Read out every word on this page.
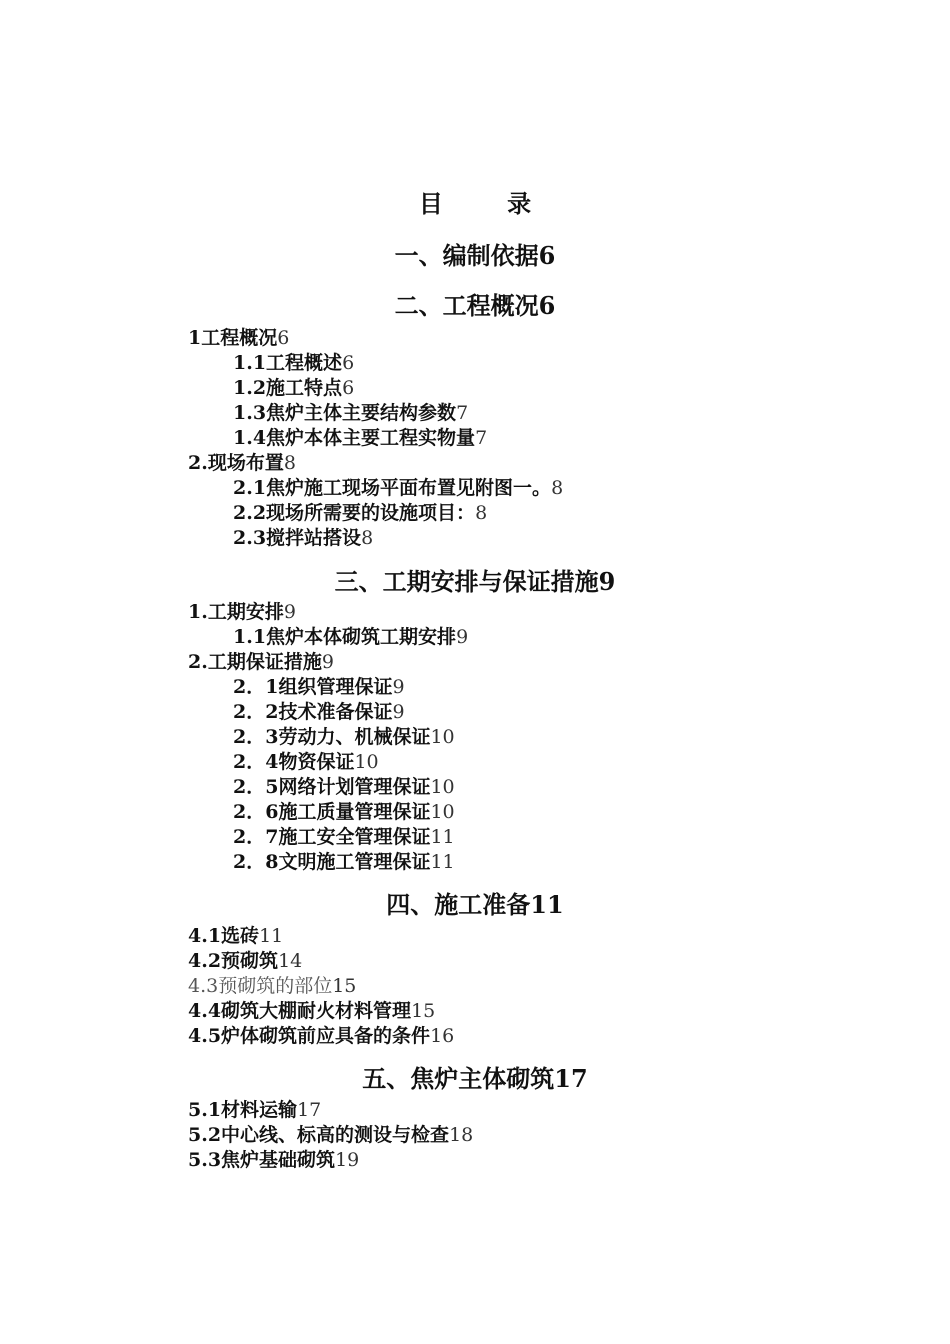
目 录
一、编制依据6
二、工程概况6
1工程概况6
1.1工程概述6
1.2施工特点6
1.3焦炉主体主要结构参数7
1.4焦炉本体主要工程实物量7
2.现场布置8
2.1焦炉施工现场平面布置见附图一。8
2.2现场所需要的设施项目：8
2.3搅拌站搭设8
三、工期安排与保证措施9
1.工期安排9
1.1焦炉本体砌筑工期安排9
2.工期保证措施9
2．1组织管理保证9
2．2技术准备保证9
2．3劳动力、机械保证10
2．4物资保证10
2．5网络计划管理保证10
2．6施工质量管理保证10
2．7施工安全管理保证11
2．8文明施工管理保证11
四、施工准备11
4.1选砖11
4.2预砌筑14
4.3预砌筑的部位15
4.4砌筑大棚耐火材料管理15
4.5炉体砌筑前应具备的条件16
五、焦炉主体砌筑17
5.1材料运输17
5.2中心线、标高的测设与检查18
5.3焦炉基础砌筑19
